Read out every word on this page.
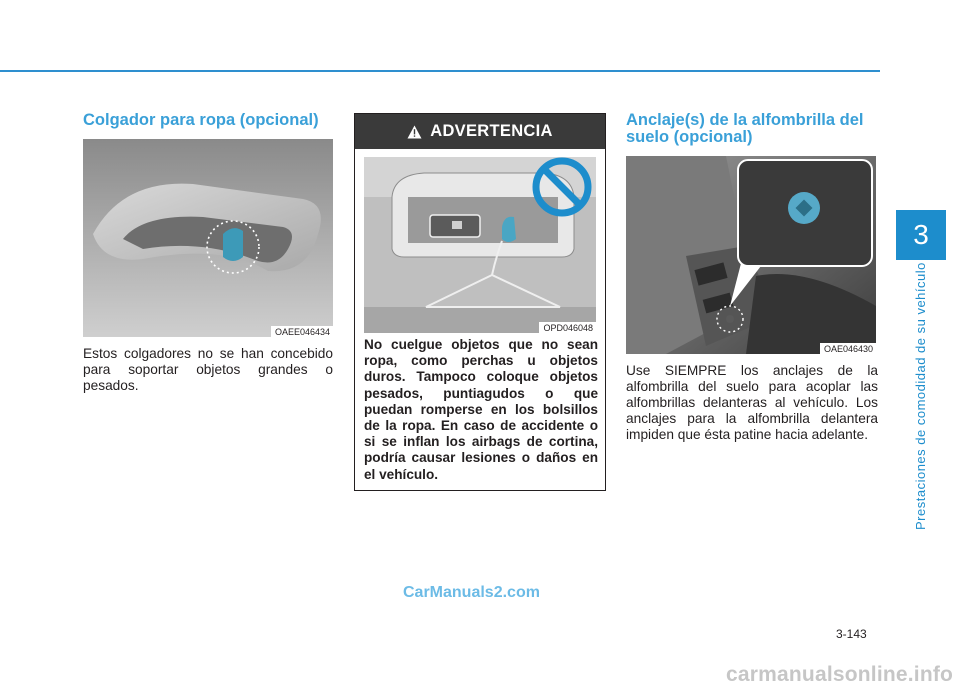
3
Prestaciones de comodidad de su vehículo
Colgador para ropa (opcional)
OAEE046434
Estos colgadores no se han concebido para soportar objetos grandes o pesados.
ADVERTENCIA
OPD046048
No cuelgue objetos que no sean ropa, como perchas u objetos duros. Tampoco coloque objetos pesados, puntiagudos o que puedan romperse en los bolsillos de la ropa. En caso de accidente o si se inflan los airbags de cortina, podría causar lesiones o daños en el vehículo.
Anclaje(s) de la alfombrilla del suelo (opcional)
OAE046430
Use SIEMPRE los anclajes de la alfombrilla del suelo para acoplar las alfombrillas delanteras al vehículo. Los anclajes para la alfombrilla delantera impiden que ésta patine hacia adelante.
3-143
CarManuals2.com
carmanualsonline.info
